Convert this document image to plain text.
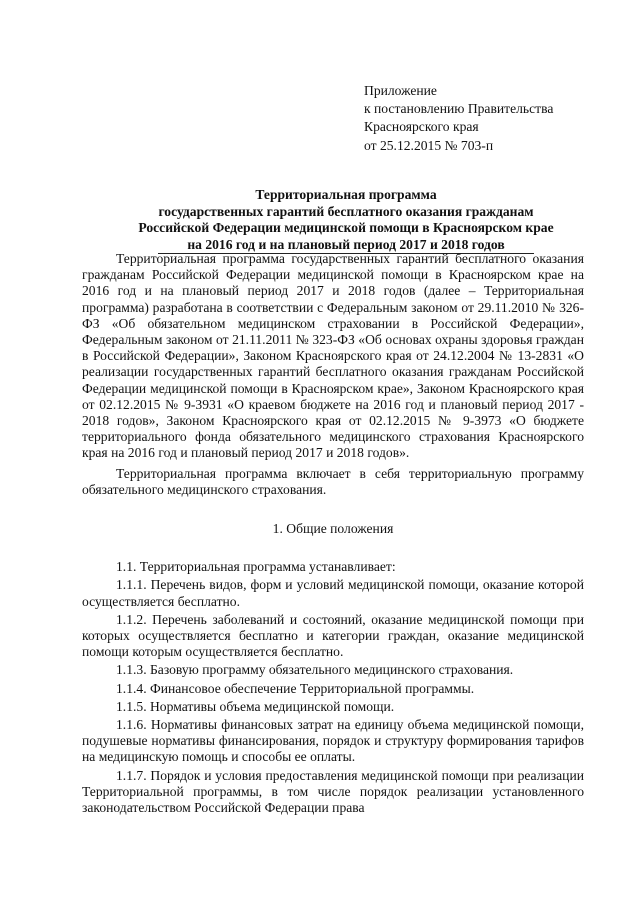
Приложение
к постановлению Правительства
Красноярского края
от 25.12.2015 № 703-п
Территориальная программа
государственных гарантий бесплатного оказания гражданам
Российской Федерации медицинской помощи в Красноярском крае
на 2016 год и на плановый период 2017 и 2018 годов

Территориальная программа государственных гарантий бесплатного оказания гражданам Российской Федерации медицинской помощи в Красноярском крае на 2016 год и на плановый период 2017 и 2018 годов (далее – Территориальная программа) разработана в соответствии с Федеральным законом от 29.11.2010 № 326-ФЗ «Об обязательном медицинском страховании в Российской Федерации», Федеральным законом от 21.11.2011 № 323-ФЗ «Об основах охраны здоровья граждан в Российской Федерации», Законом Красноярского края от 24.12.2004 № 13-2831 «О реализации государственных гарантий бесплатного оказания гражданам Российской Федерации медицинской помощи в Красноярском крае», Законом Красноярского края от 02.12.2015 № 9-3931 «О краевом бюджете на 2016 год и плановый период 2017 - 2018 годов», Законом Красноярского края от 02.12.2015 № 9-3973 «О бюджете территориального фонда обязательного медицинского страхования Красноярского края на 2016 год и плановый период 2017 и 2018 годов».

Территориальная программа включает в себя территориальную программу обязательного медицинского страхования.

1. Общие положения

1.1. Территориальная программа устанавливает:

1.1.1. Перечень видов, форм и условий медицинской помощи, оказание которой осуществляется бесплатно.

1.1.2. Перечень заболеваний и состояний, оказание медицинской помощи при которых осуществляется бесплатно и категории граждан, оказание медицинской помощи которым осуществляется бесплатно.

1.1.3. Базовую программу обязательного медицинского страхования.

1.1.4. Финансовое обеспечение Территориальной программы.

1.1.5. Нормативы объема медицинской помощи.

1.1.6. Нормативы финансовых затрат на единицу объема медицинской помощи, подушевые нормативы финансирования, порядок и структуру формирования тарифов на медицинскую помощь и способы ее оплаты.

1.1.7. Порядок и условия предоставления медицинской помощи при реализации Территориальной программы, в том числе порядок реализации установленного законодательством Российской Федерации права
